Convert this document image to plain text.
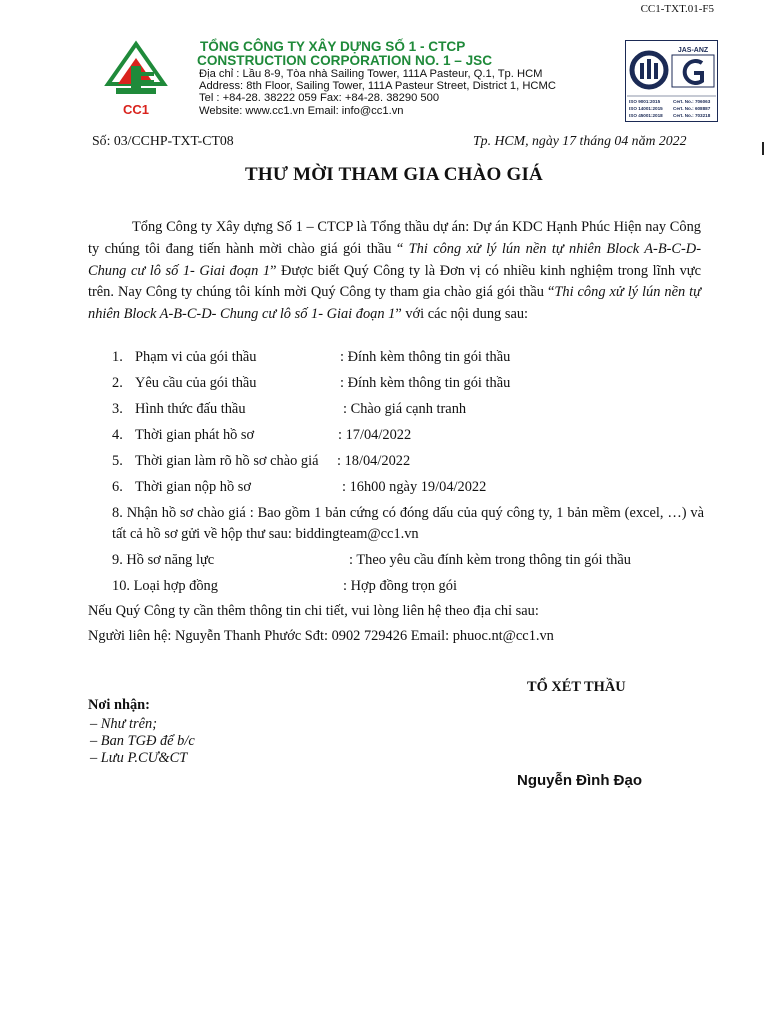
CC1-TXT.01-F5
CC1
TỔNG CÔNG TY XÂY DỰNG SỐ 1 - CTCP
CONSTRUCTION CORPORATION NO. 1 – JSC
Địa chỉ : Lầu 8-9, Tòa nhà Sailing Tower, 111A Pasteur, Q.1, Tp. HCM
Address: 8th Floor, Sailing Tower, 111A Pasteur Street, District 1, HCMC
Tel : +84-28. 38222 059 Fax: +84-28. 38290 500
Website: www.cc1.vn Email: info@cc1.vn
JAS-ANZ
ISO 9001:2015	Cert. No.: 706063
ISO 14001:2015 Cert. No.: 608887
ISO 45001:2018 Cert. No.: 703218
Số: 03/CCHP-TXT-CT08	Tp. HCM, ngày 17 tháng 04 năm 2022
THƯ MỜI THAM GIA CHÀO GIÁ
Tổng Công ty Xây dựng Số 1 – CTCP là Tổng thầu dự án: Dự án KDC Hạnh Phúc Hiện nay Công ty chúng tôi đang tiến hành mời chào giá gói thầu “ Thi công xử lý lún nền tự nhiên Block A-B-C-D- Chung cư lô số 1- Giai đoạn 1” Được biết Quý Công ty là Đơn vị có nhiều kinh nghiệm trong lĩnh vực trên. Nay Công ty chúng tôi kính mời Quý Công ty tham gia chào giá gói thầu “Thi công xử lý lún nền tự nhiên Block A-B-C-D- Chung cư lô số 1- Giai đoạn 1” với các nội dung sau:
1. Phạm vi của gói thầu	: Đính kèm thông tin gói thầu
2. Yêu cầu của gói thầu	: Đính kèm thông tin gói thầu
3. Hình thức đấu thầu	: Chào giá cạnh tranh
4. Thời gian phát hồ sơ	: 17/04/2022
5. Thời gian làm rõ hồ sơ chào giá : 18/04/2022
6. Thời gian nộp hồ sơ	: 16h00 ngày 19/04/2022
8. Nhận hồ sơ chào giá : Bao gồm 1 bản cứng có đóng dấu của quý công ty, 1 bản mềm (excel, …) và tất cả hồ sơ gửi về hộp thư sau: biddingteam@cc1.vn
9. Hồ sơ năng lực	: Theo yêu cầu đính kèm trong thông tin gói thầu
10. Loại hợp đồng	: Hợp đồng trọn gói
Nếu Quý Công ty cần thêm thông tin chi tiết, vui lòng liên hệ theo địa chỉ sau:
Người liên hệ: Nguyễn Thanh Phước Sđt: 0902 729426 Email: phuoc.nt@cc1.vn
TỔ XÉT THẦU
Nguyễn Đình Đạo
Nơi nhận:
– Như trên;
– Ban TGĐ để b/c
– Lưu P.CƯ&CT
